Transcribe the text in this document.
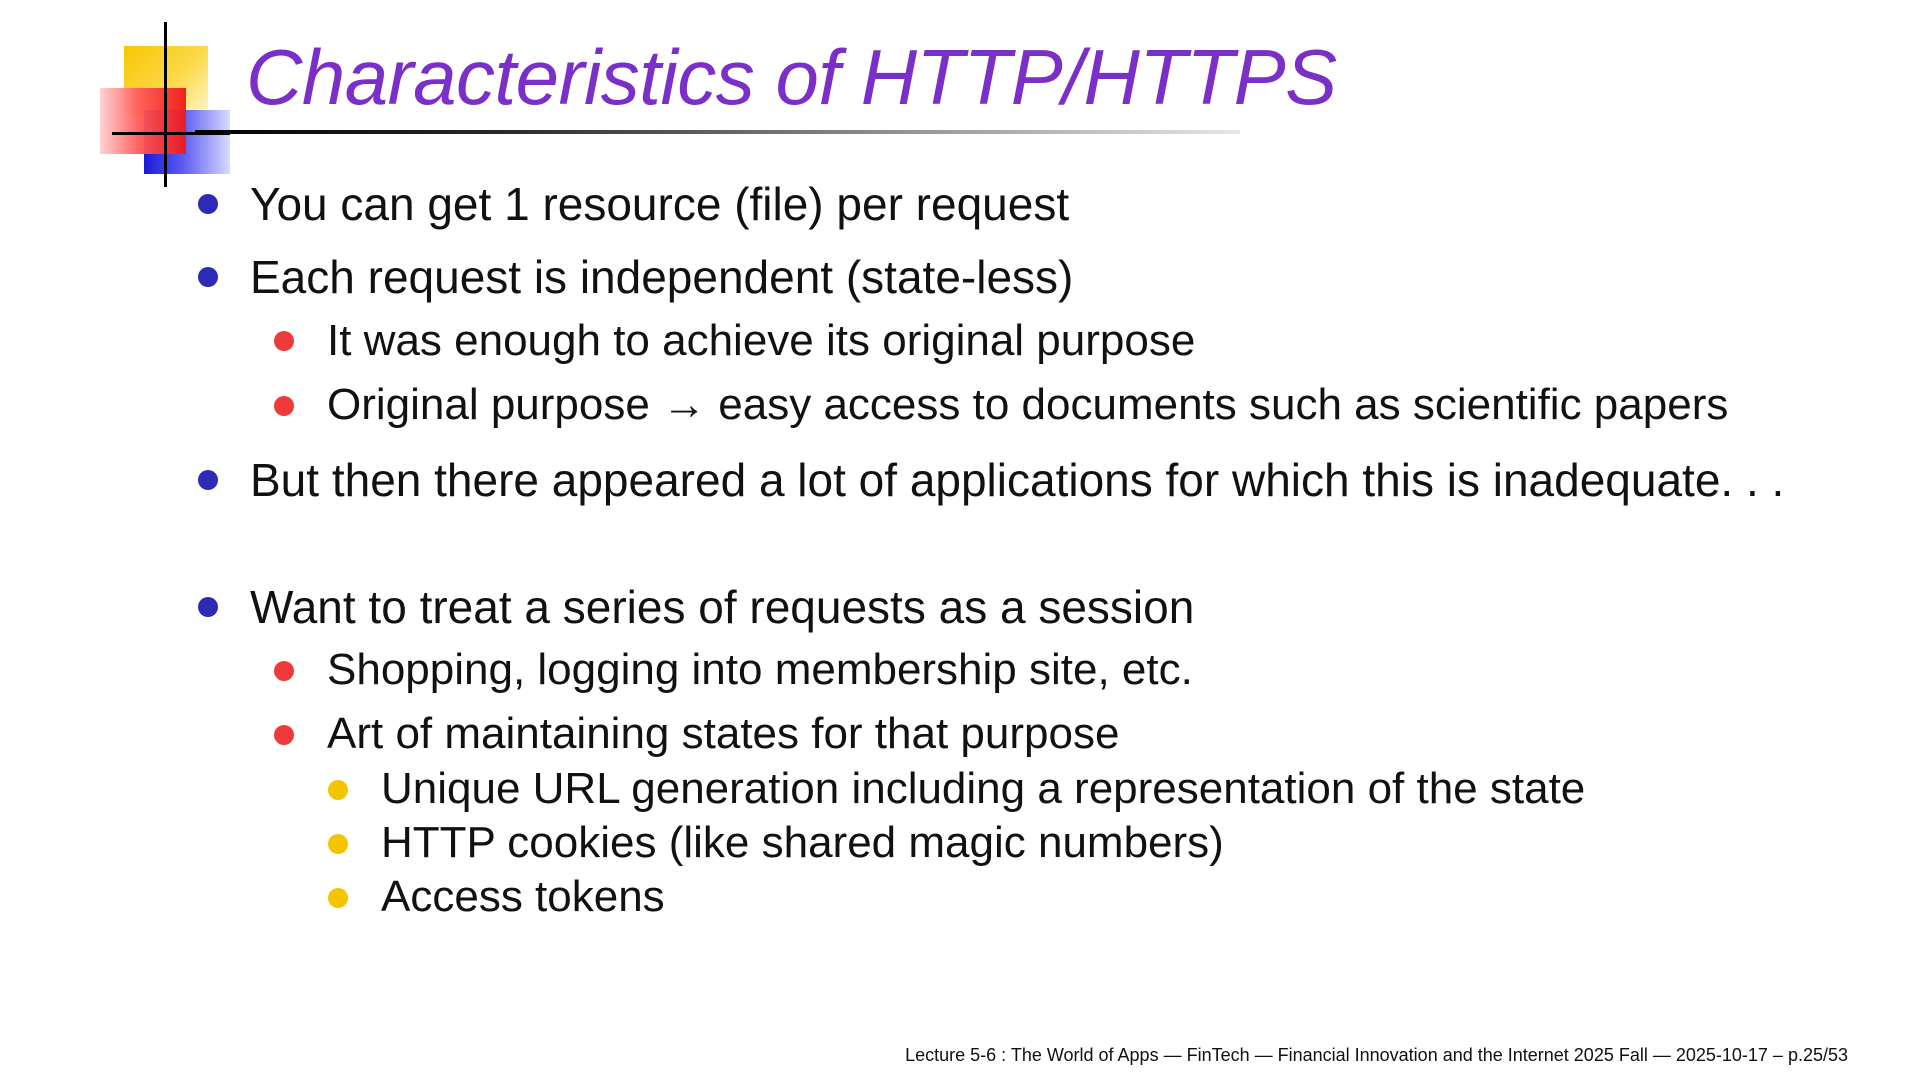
Characteristics of HTTP/HTTPS
You can get 1 resource (file) per request
Each request is independent (state-less)
It was enough to achieve its original purpose
Original purpose → easy access to documents such as scientific papers
But then there appeared a lot of applications for which this is inadequate. . .
Want to treat a series of requests as a session
Shopping, logging into membership site, etc.
Art of maintaining states for that purpose
Unique URL generation including a representation of the state
HTTP cookies (like shared magic numbers)
Access tokens
Lecture 5-6 : The World of Apps — FinTech — Financial Innovation and the Internet 2025 Fall — 2025-10-17 – p.25/53
